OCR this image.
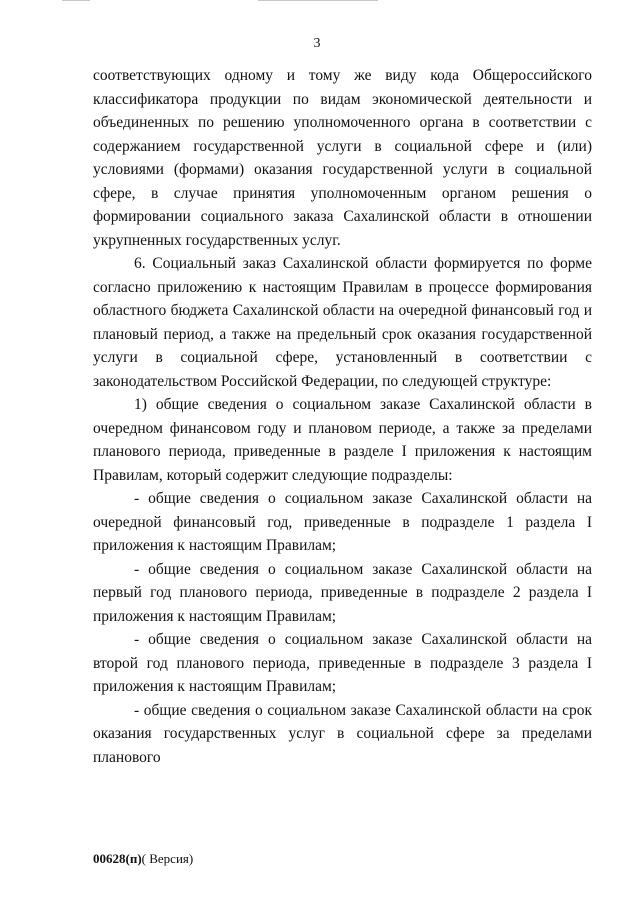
3

соответствующих одному и тому же виду кода Общероссийского классификатора продукции по видам экономической деятельности и объединенных по решению уполномоченного органа в соответствии с содержанием государственной услуги в социальной сфере и (или) условиями (формами) оказания государственной услуги в социальной сфере, в случае принятия уполномоченным органом решения о формировании социального заказа Сахалинской области в отношении укрупненных государственных услуг.

6. Социальный заказ Сахалинской области формируется по форме согласно приложению к настоящим Правилам в процессе формирования областного бюджета Сахалинской области на очередной финансовый год и плановый период, а также на предельный срок оказания государственной услуги в социальной сфере, установленный в соответствии с законодательством Российской Федерации, по следующей структуре:

1) общие сведения о социальном заказе Сахалинской области в очередном финансовом году и плановом периоде, а также за пределами планового периода, приведенные в разделе I приложения к настоящим Правилам, который содержит следующие подразделы:

- общие сведения о социальном заказе Сахалинской области на очередной финансовый год, приведенные в подразделе 1 раздела I приложения к настоящим Правилам;

- общие сведения о социальном заказе Сахалинской области на первый год планового периода, приведенные в подразделе 2 раздела I приложения к настоящим Правилам;

- общие сведения о социальном заказе Сахалинской области на второй год планового периода, приведенные в подразделе 3 раздела I приложения к настоящим Правилам;

- общие сведения о социальном заказе Сахалинской области на срок оказания государственных услуг в социальной сфере за пределами планового

00628(п)( Версия)
